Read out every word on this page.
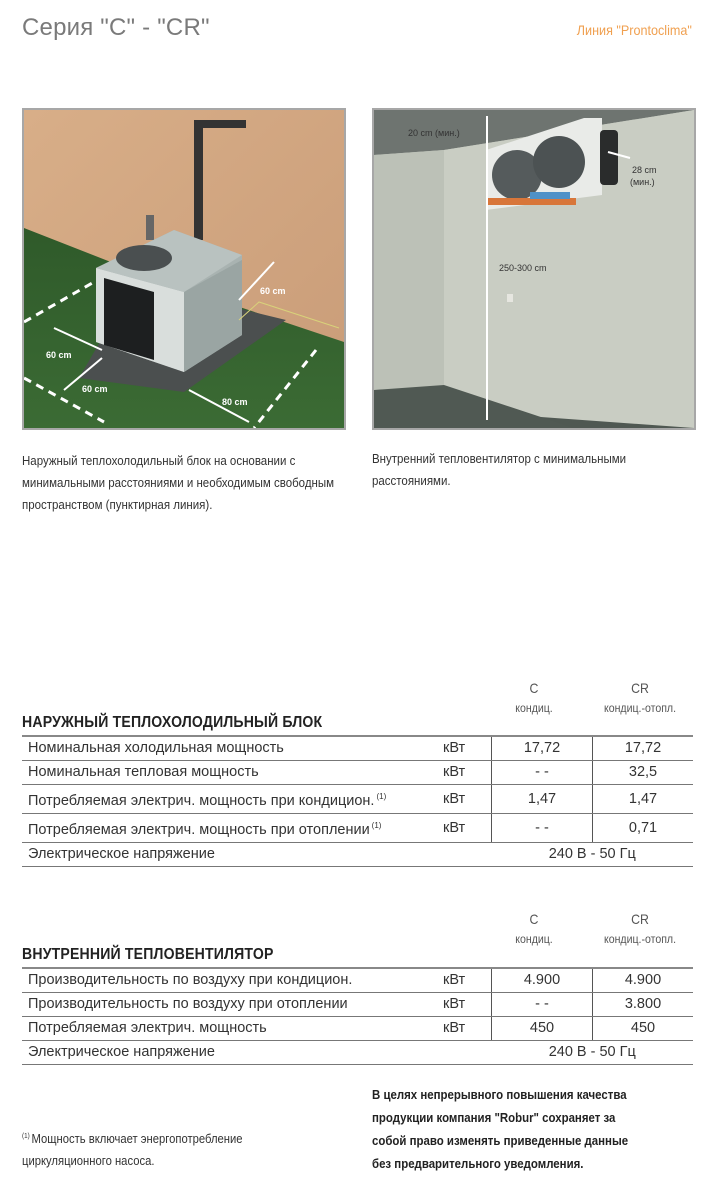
Серия "C" - "CR"	Линия "Prontoclima"
60 cm
60 cm
60 cm
80 cm
20 cm (мин.)
28 cm
(мин.)
250-300 cm
Наружный теплохолодильный блок на основании с минимальными расстояниями и необходимым свободным пространством (пунктирная линия).
Внутренний тепловентилятор с минимальными расстояниями.
C
кондиц.
CR
кондиц.-отопл.
НАРУЖНЫЙ ТЕПЛОХОЛОДИЛЬНЫЙ БЛОК
Номинальная холодильная мощность	кВт	17,72	17,72
Номинальная тепловая мощность	кВт	- -	32,5
Потребляемая электрич. мощность при кондицион. $^{(1)}$	кВт	1,47	1,47
Потребляемая электрич. мощность при отоплении $^{(1)}$	кВт	- -	0,71
Электрическое напряжение		240 В - 50 Гц	
C
кондиц.
CR
кондиц.-отопл.
ВНУТРЕННИЙ ТЕПЛОВЕНТИЛЯТОР
Производительность по воздуху при кондицион.	кВт	4.900	4.900
Производительность по воздуху при отоплении	кВт	- -	3.800
Потребляемая электрич. мощность	кВт	450	450
Электрическое напряжение		240 В - 50 Гц	
$^{(1)}$ Мощность включает энергопотребление
циркуляционного насоса.
В целях непрерывного повышения качества
продукции компания "Robur" сохраняет за
собой право изменять приведенные данные
без предварительного уведомления.
